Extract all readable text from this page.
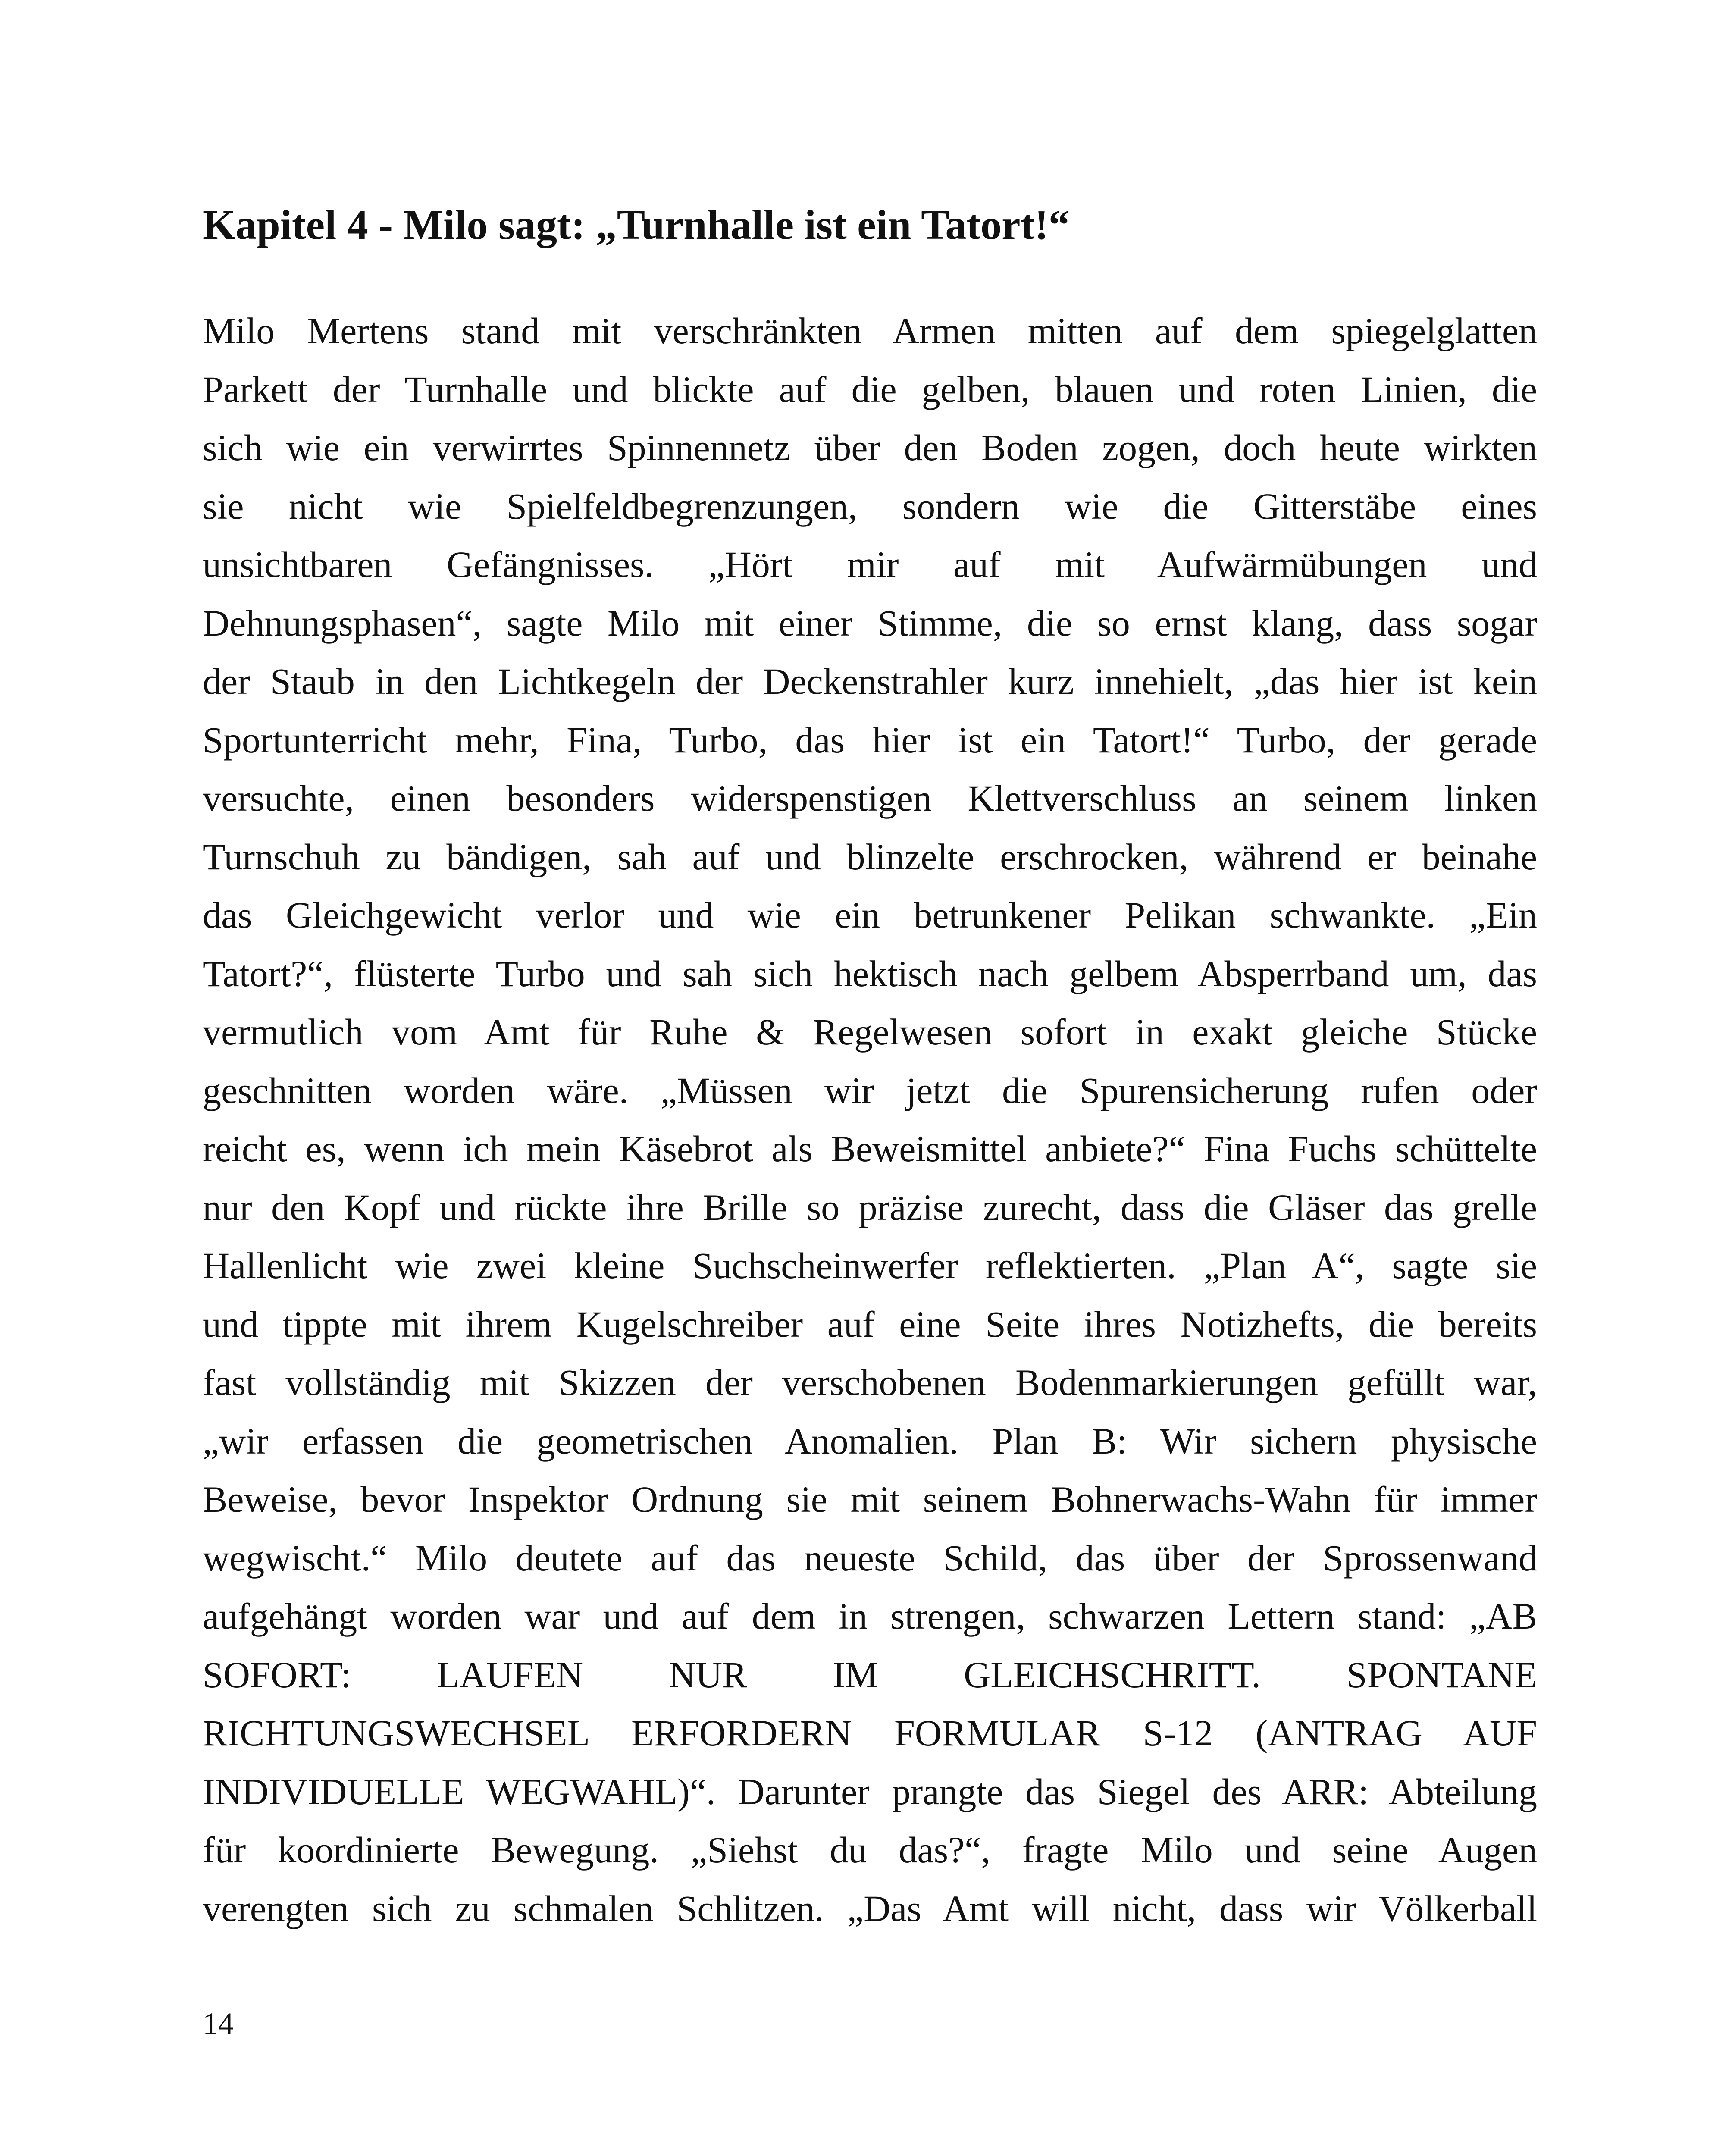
Kapitel 4 - Milo sagt: „Turnhalle ist ein Tatort!“
Milo Mertens stand mit verschränkten Armen mitten auf dem spiegelglatten
Parkett der Turnhalle und blickte auf die gelben, blauen und roten Linien, die
sich wie ein verwirrtes Spinnennetz über den Boden zogen, doch heute wirkten
sie nicht wie Spielfeldbegrenzungen, sondern wie die Gitterstäbe eines
unsichtbaren Gefängnisses. „Hört mir auf mit Aufwärmübungen und
Dehnungsphasen“, sagte Milo mit einer Stimme, die so ernst klang, dass sogar
der Staub in den Lichtkegeln der Deckenstrahler kurz innehielt, „das hier ist kein
Sportunterricht mehr, Fina, Turbo, das hier ist ein Tatort!“ Turbo, der gerade
versuchte, einen besonders widerspenstigen Klettverschluss an seinem linken
Turnschuh zu bändigen, sah auf und blinzelte erschrocken, während er beinahe
das Gleichgewicht verlor und wie ein betrunkener Pelikan schwankte. „Ein
Tatort?“, flüsterte Turbo und sah sich hektisch nach gelbem Absperrband um, das
vermutlich vom Amt für Ruhe & Regelwesen sofort in exakt gleiche Stücke
geschnitten worden wäre. „Müssen wir jetzt die Spurensicherung rufen oder
reicht es, wenn ich mein Käsebrot als Beweismittel anbiete?“ Fina Fuchs schüttelte
nur den Kopf und rückte ihre Brille so präzise zurecht, dass die Gläser das grelle
Hallenlicht wie zwei kleine Suchscheinwerfer reflektierten. „Plan A“, sagte sie
und tippte mit ihrem Kugelschreiber auf eine Seite ihres Notizhefts, die bereits
fast vollständig mit Skizzen der verschobenen Bodenmarkierungen gefüllt war,
„wir erfassen die geometrischen Anomalien. Plan B: Wir sichern physische
Beweise, bevor Inspektor Ordnung sie mit seinem Bohnerwachs-Wahn für immer
wegwischt.“ Milo deutete auf das neueste Schild, das über der Sprossenwand
aufgehängt worden war und auf dem in strengen, schwarzen Lettern stand: „AB
SOFORT: LAUFEN NUR IM GLEICHSCHRITT. SPONTANE
RICHTUNGSWECHSEL ERFORDERN FORMULAR S-12 (ANTRAG AUF
INDIVIDUELLE WEGWAHL)“. Darunter prangte das Siegel des ARR: Abteilung
für koordinierte Bewegung. „Siehst du das?“, fragte Milo und seine Augen
verengten sich zu schmalen Schlitzen. „Das Amt will nicht, dass wir Völkerball
14
